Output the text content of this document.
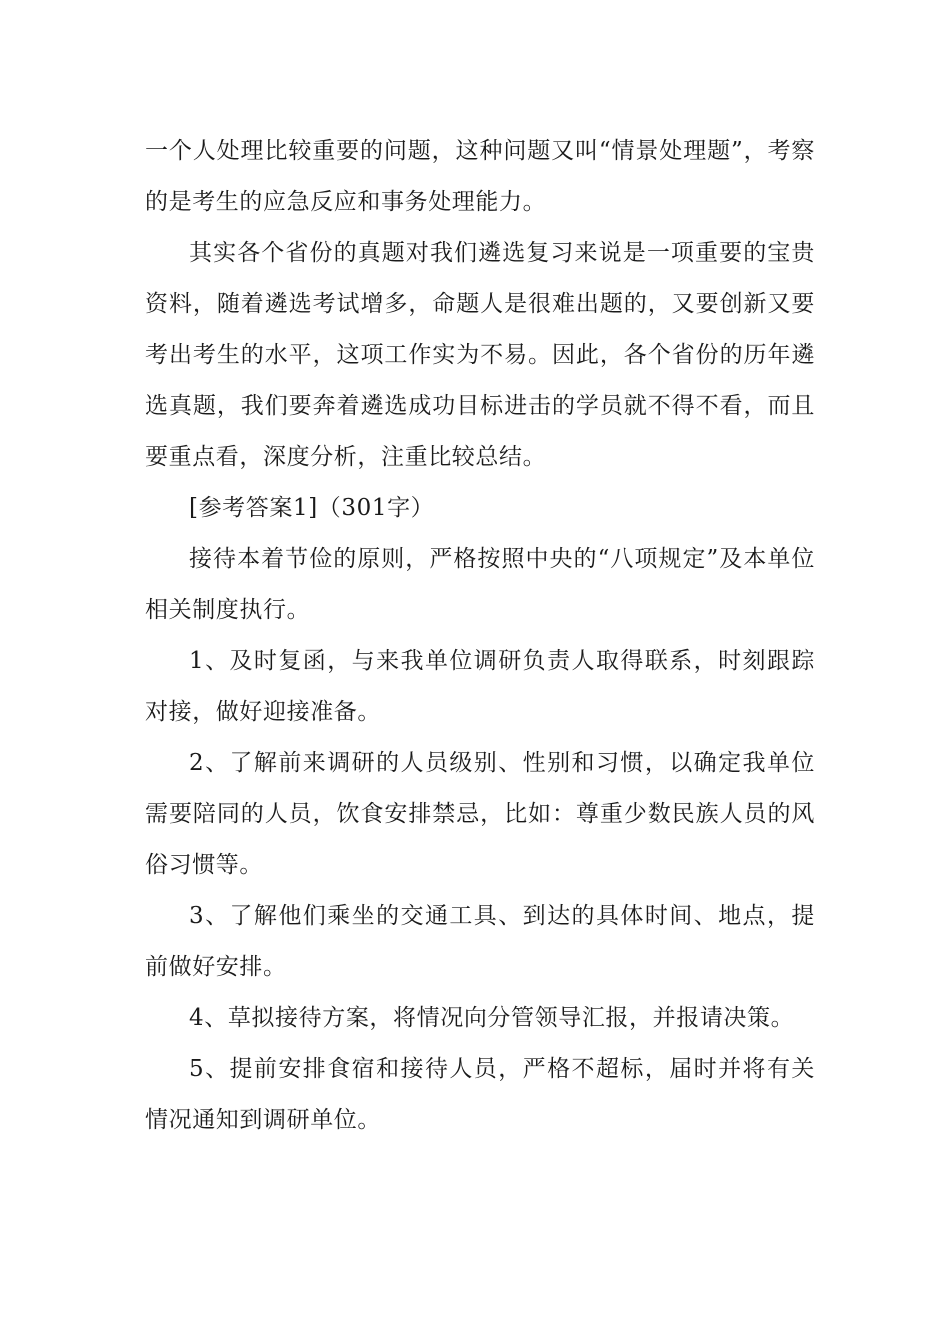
一个人处理比较重要的问题，这种问题又叫“情景处理题”，考察的是考生的应急反应和事务处理能力。

其实各个省份的真题对我们遴选复习来说是一项重要的宝贵资料，随着遴选考试增多，命题人是很难出题的，又要创新又要考出考生的水平，这项工作实为不易。因此，各个省份的历年遴选真题，我们要奔着遴选成功目标进击的学员就不得不看，而且要重点看，深度分析，注重比较总结。

[参考答案1]（301字）

接待本着节俭的原则，严格按照中央的“八项规定”及本单位相关制度执行。

1、及时复函，与来我单位调研负责人取得联系，时刻跟踪对接，做好迎接准备。

2、了解前来调研的人员级别、性别和习惯，以确定我单位需要陪同的人员，饮食安排禁忌，比如：尊重少数民族人员的风俗习惯等。

3、了解他们乘坐的交通工具、到达的具体时间、地点，提前做好安排。

4、草拟接待方案，将情况向分管领导汇报，并报请决策。

5、提前安排食宿和接待人员，严格不超标，届时并将有关情况通知到调研单位。
